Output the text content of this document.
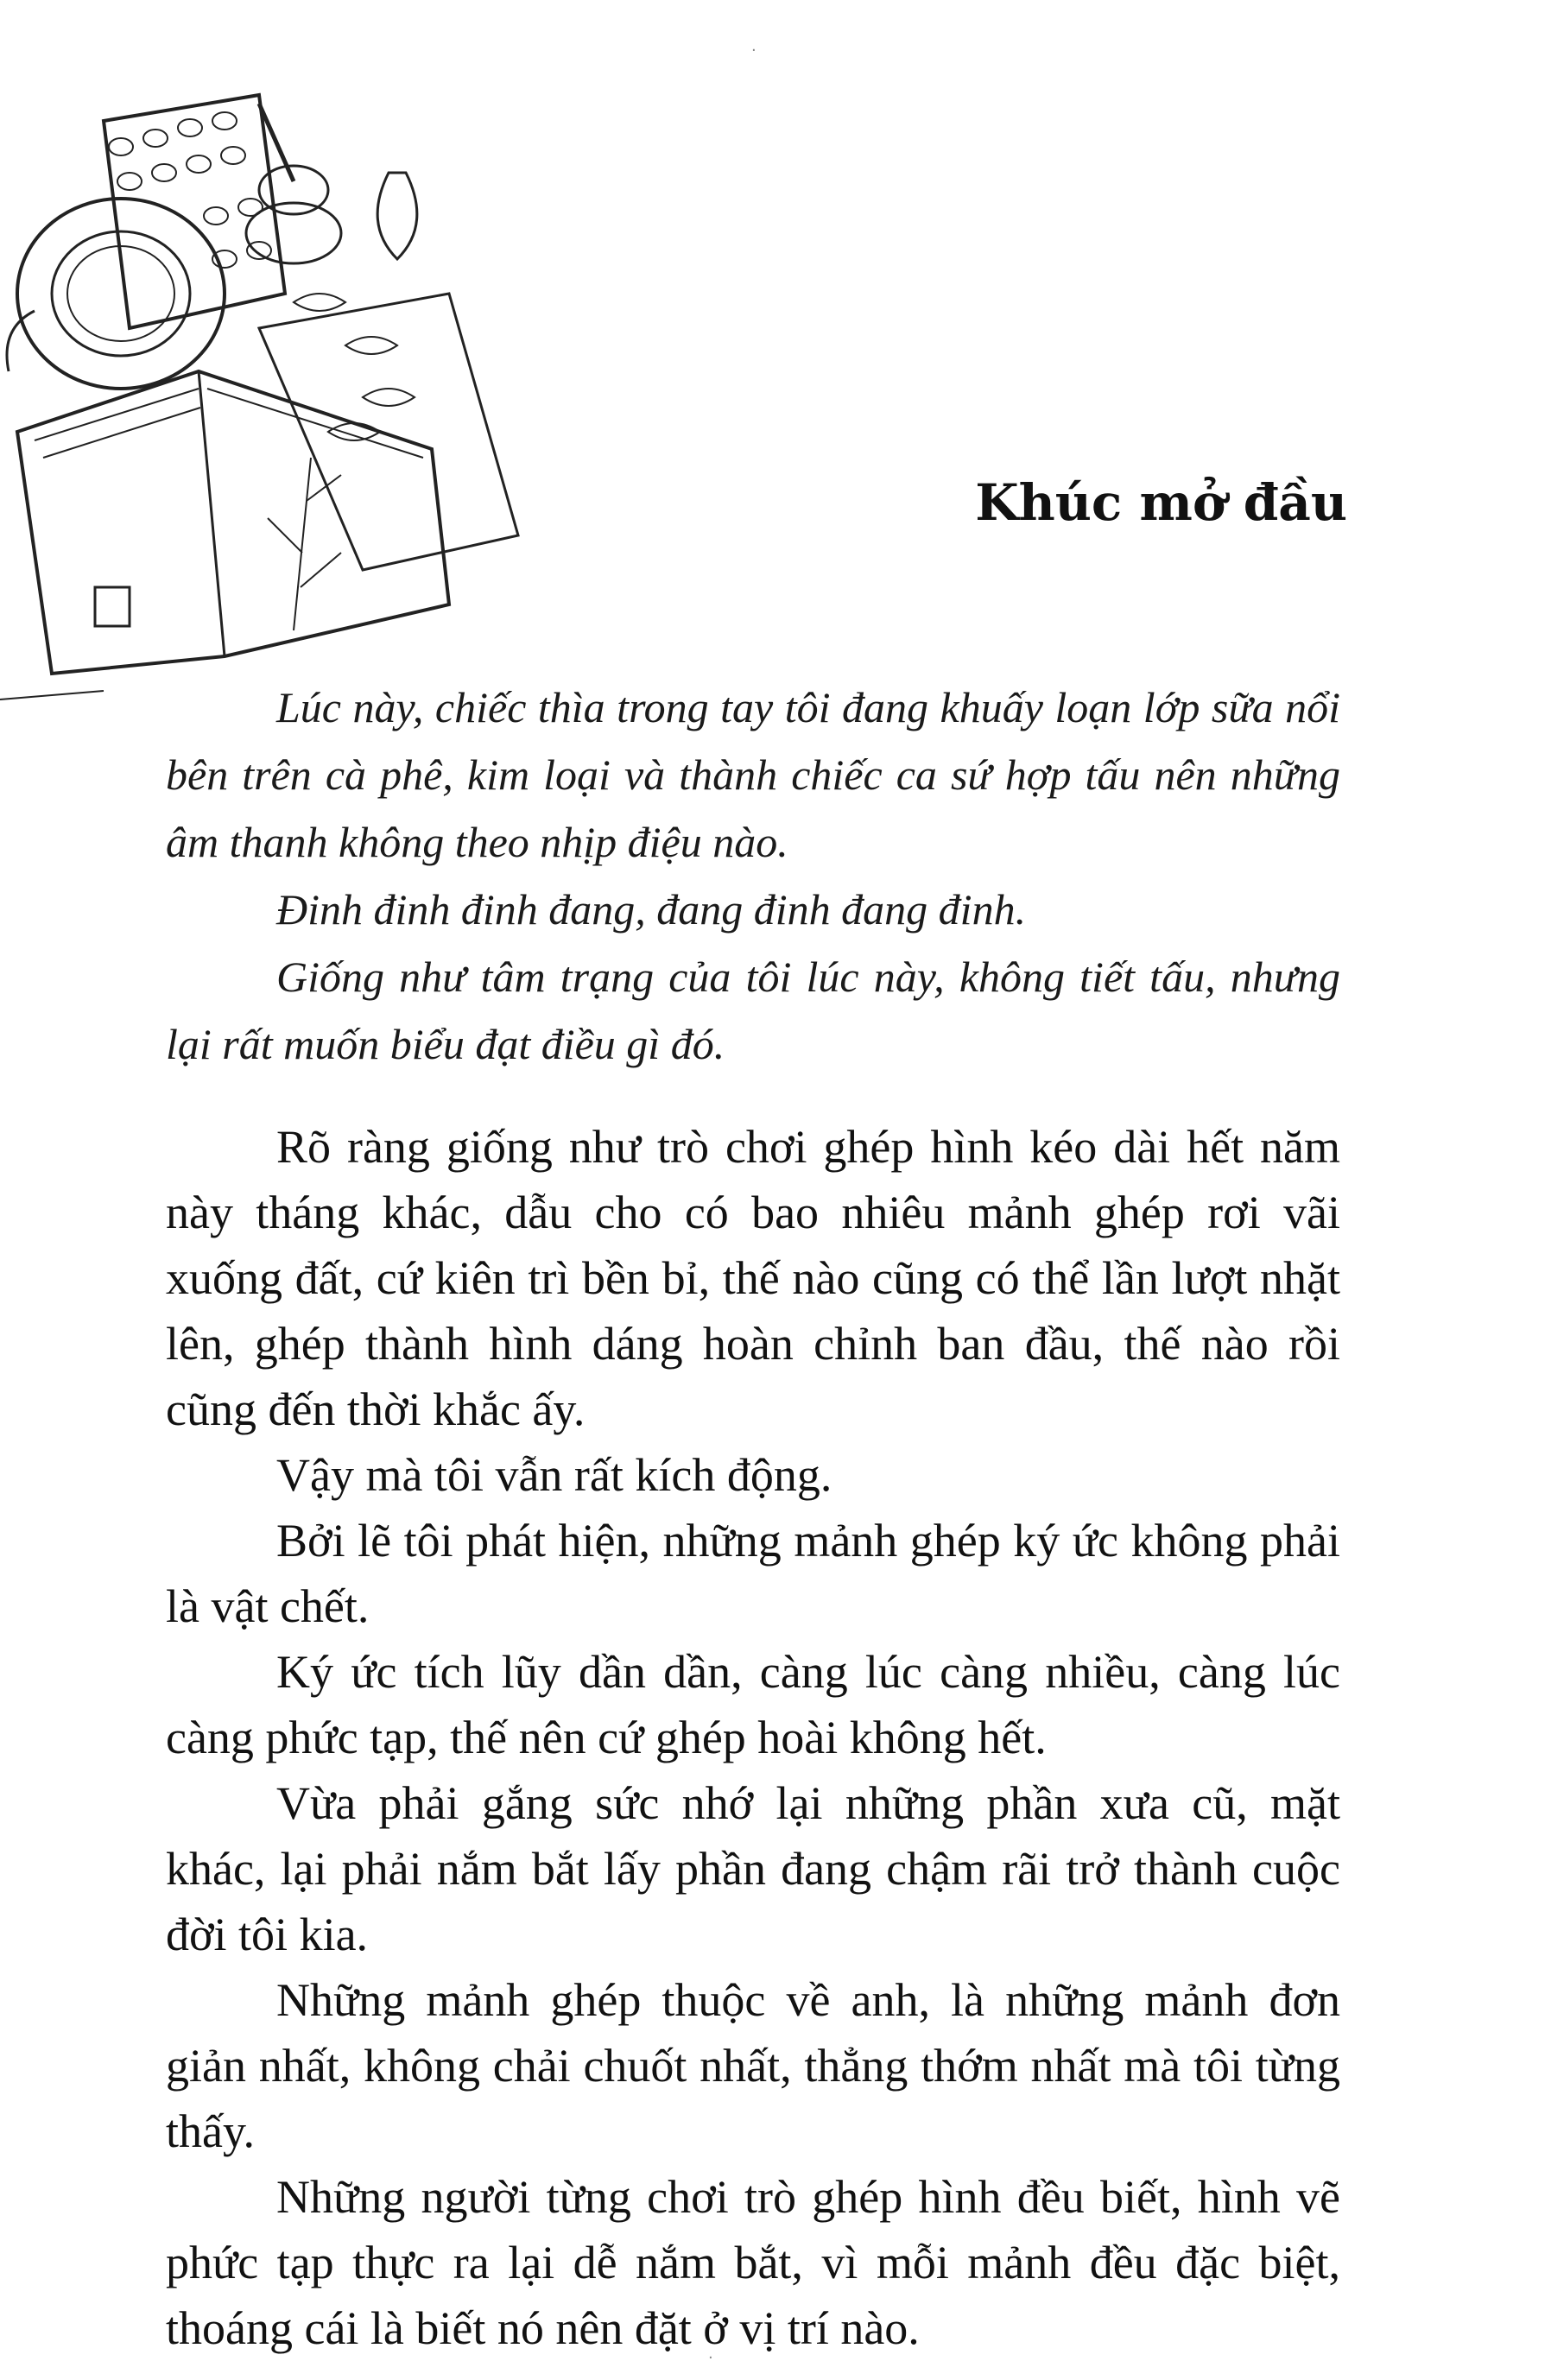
Khúc mở đầu

Lúc này, chiếc thìa trong tay tôi đang khuấy loạn lớp sữa nổi bên trên cà phê, kim loại và thành chiếc ca sứ hợp tấu nên những âm thanh không theo nhịp điệu nào.

Đinh đinh đinh đang, đang đinh đang đinh.

Giống như tâm trạng của tôi lúc này, không tiết tấu, nhưng lại rất muốn biểu đạt điều gì đó.

Rõ ràng giống như trò chơi ghép hình kéo dài hết năm này tháng khác, dẫu cho có bao nhiêu mảnh ghép rơi vãi xuống đất, cứ kiên trì bền bỉ, thế nào cũng có thể lần lượt nhặt lên, ghép thành hình dáng hoàn chỉnh ban đầu, thế nào rồi cũng đến thời khắc ấy.

Vậy mà tôi vẫn rất kích động.

Bởi lẽ tôi phát hiện, những mảnh ghép ký ức không phải là vật chết.

Ký ức tích lũy dần dần, càng lúc càng nhiều, càng lúc càng phức tạp, thế nên cứ ghép hoài không hết.

Vừa phải gắng sức nhớ lại những phần xưa cũ, mặt khác, lại phải nắm bắt lấy phần đang chậm rãi trở thành cuộc đời tôi kia.

Những mảnh ghép thuộc về anh, là những mảnh đơn giản nhất, không chải chuốt nhất, thẳng thớm nhất mà tôi từng thấy.

Những người từng chơi trò ghép hình đều biết, hình vẽ phức tạp thực ra lại dễ nắm bắt, vì mỗi mảnh đều đặc biệt, thoáng cái là biết nó nên đặt ở vị trí nào.

·
·
